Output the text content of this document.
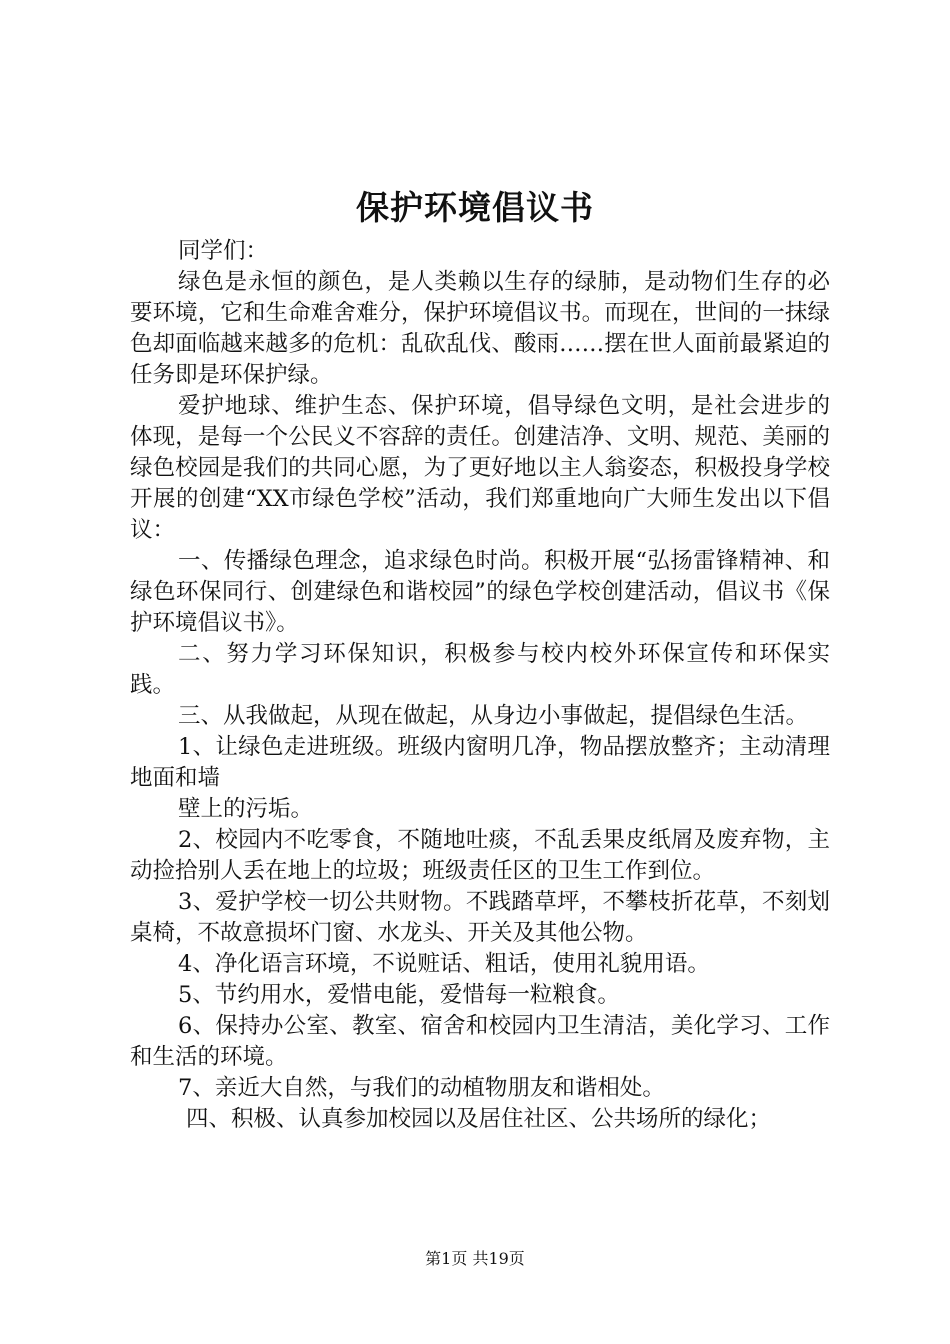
保护环境倡议书

同学们：

绿色是永恒的颜色，是人类赖以生存的绿肺，是动物们生存的必要环境，它和生命难舍难分，保护环境倡议书。而现在，世间的一抹绿色却面临越来越多的危机：乱砍乱伐、酸雨……摆在世人面前最紧迫的任务即是环保护绿。

爱护地球、维护生态、保护环境，倡导绿色文明，是社会进步的体现，是每一个公民义不容辞的责任。创建洁净、文明、规范、美丽的绿色校园是我们的共同心愿，为了更好地以主人翁姿态，积极投身学校开展的创建“XX市绿色学校”活动，我们郑重地向广大师生发出以下倡议：

一、传播绿色理念，追求绿色时尚。积极开展“弘扬雷锋精神、和绿色环保同行、创建绿色和谐校园”的绿色学校创建活动，倡议书《保护环境倡议书》。

二、努力学习环保知识，积极参与校内校外环保宣传和环保实践。

三、从我做起，从现在做起，从身边小事做起，提倡绿色生活。

1、让绿色走进班级。班级内窗明几净，物品摆放整齐；主动清理地面和墙

壁上的污垢。

2、校园内不吃零食，不随地吐痰，不乱丢果皮纸屑及废弃物，主动捡拾别人丢在地上的垃圾；班级责任区的卫生工作到位。

3、爱护学校一切公共财物。不践踏草坪，不攀枝折花草，不刻划桌椅，不故意损坏门窗、水龙头、开关及其他公物。

4、净化语言环境，不说赃话、粗话，使用礼貌用语。

5、节约用水，爱惜电能，爱惜每一粒粮食。

6、保持办公室、教室、宿舍和校园内卫生清洁，美化学习、工作和生活的环境。

7、亲近大自然，与我们的动植物朋友和谐相处。

四、积极、认真参加校园以及居住社区、公共场所的绿化；

第1页 共19页
